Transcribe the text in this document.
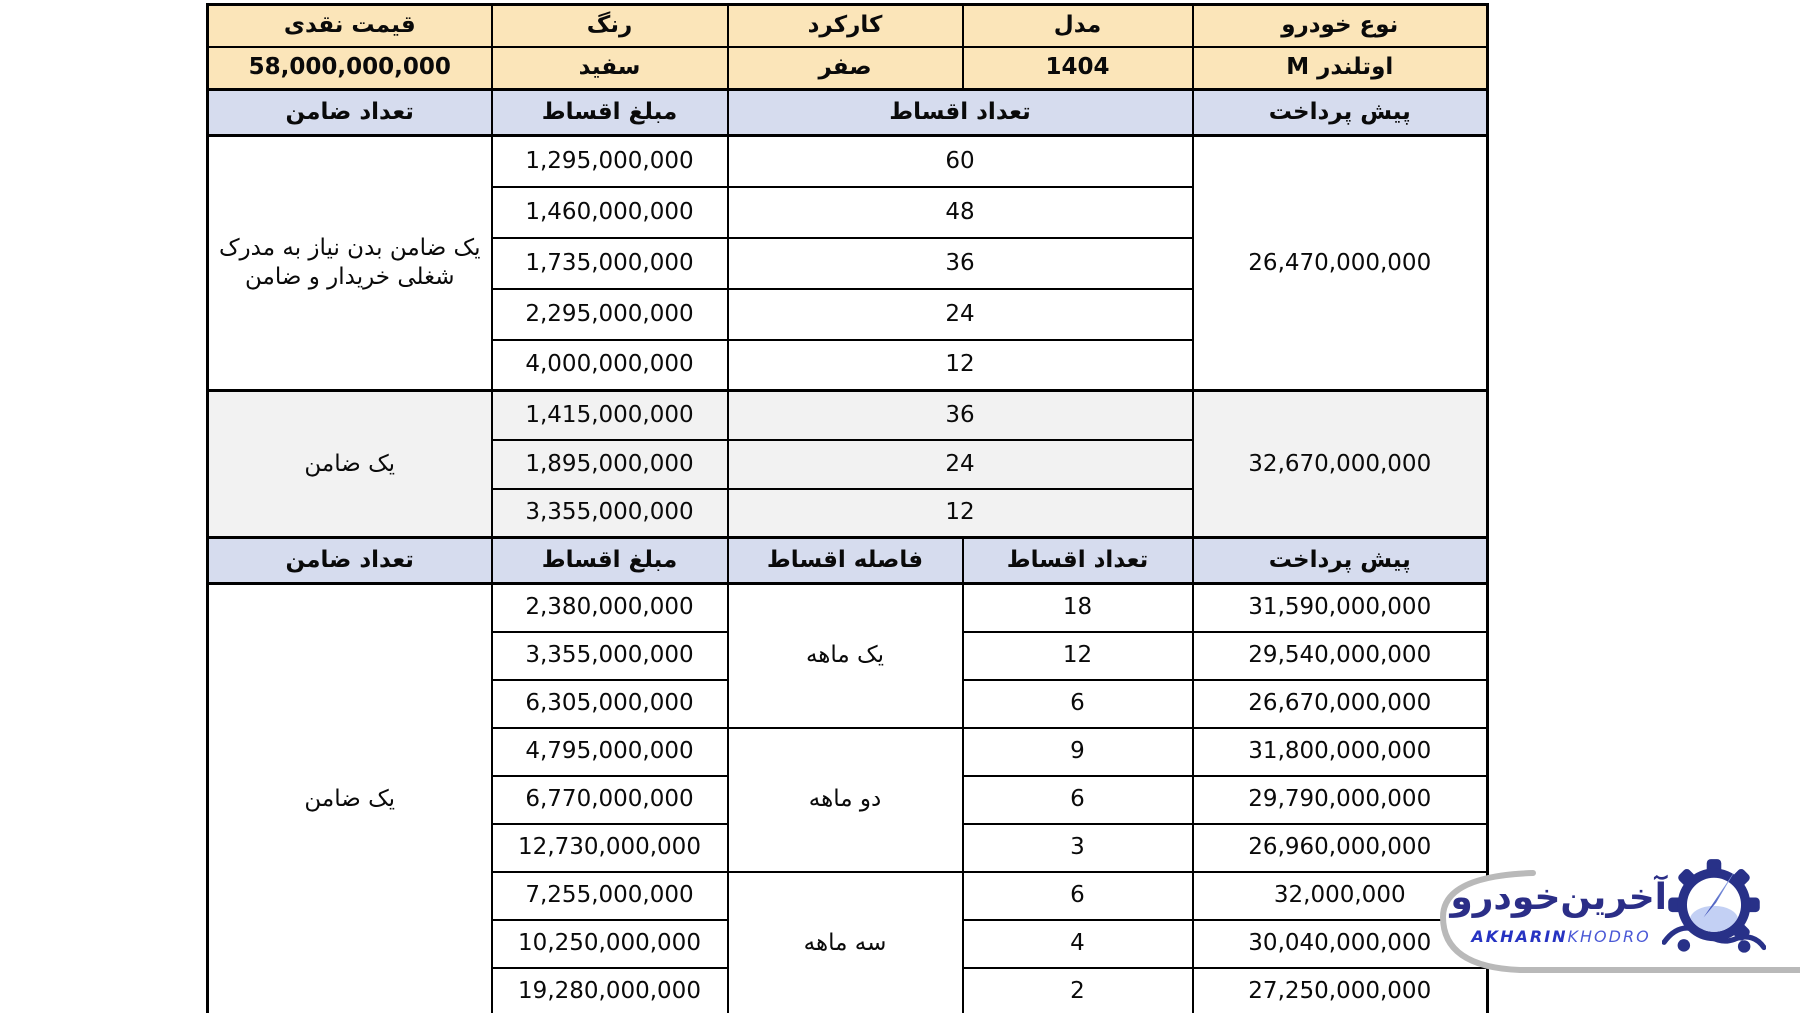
نوع خودرو	مدل	کارکرد	رنگ	قیمت نقدی
اوتلندر M	1404	صفر	سفید	58,000,000,000
پیش پرداخت	تعداد اقساط		مبلغ اقساط	تعداد ضامن
26,470,000,000	60		1,295,000,000	یک ضامن بدن نیاز به مدرک شغلی خریدار و ضامن
	48		1,460,000,000	
	36		1,735,000,000	
	24		2,295,000,000	
	12		4,000,000,000	
32,670,000,000	36		1,415,000,000	یک ضامن
	24		1,895,000,000	
	12		3,355,000,000	
پیش پرداخت	تعداد اقساط	فاصله اقساط	مبلغ اقساط	تعداد ضامن
31,590,000,000	18	یک ماهه	2,380,000,000	یک ضامن
29,540,000,000	12		3,355,000,000	
26,670,000,000	6		6,305,000,000	
31,800,000,000	9	دو ماهه	4,795,000,000	
29,790,000,000	6		6,770,000,000	
26,960,000,000	3		12,730,000,000	
32,000,000	6	سه ماهه	7,255,000,000	
30,040,000,000	4		10,250,000,000	
27,250,000,000	2		19,280,000,000	
آخرین‌خودرو
AKHARINKHODRO
